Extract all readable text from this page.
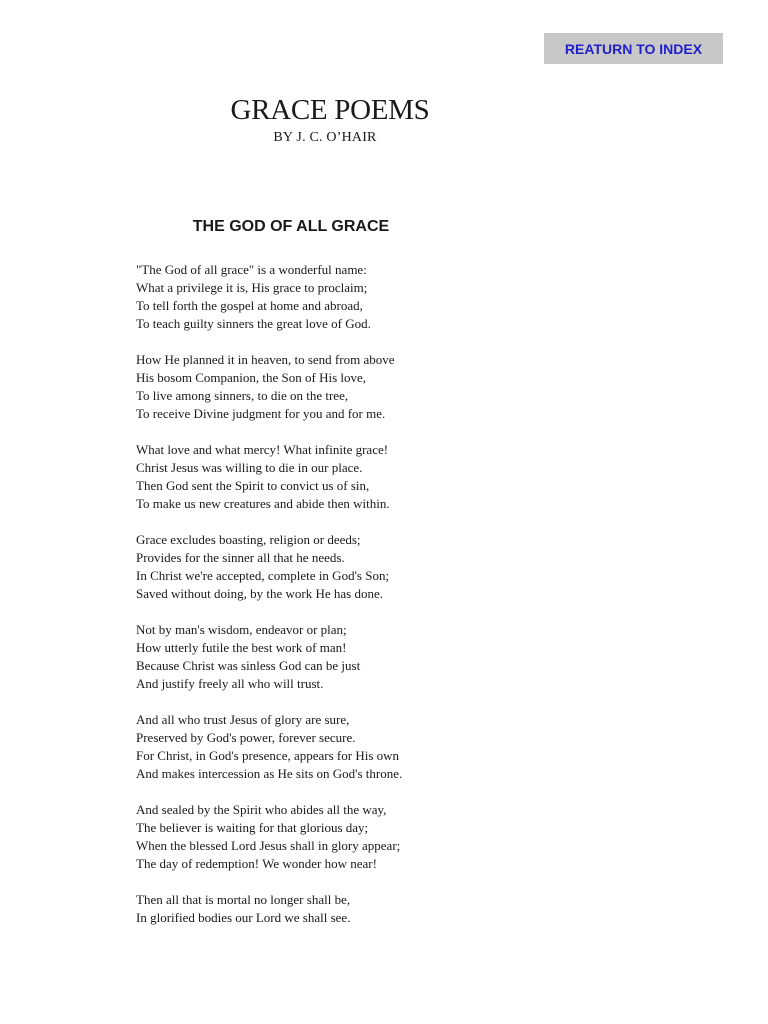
REATURN TO INDEX
GRACE POEMS

BY J. C. O’HAIR

THE GOD OF ALL GRACE

"The God of all grace" is a wonderful name:
What a privilege it is, His grace to proclaim;
To tell forth the gospel at home and abroad,
To teach guilty sinners the great love of God.

How He planned it in heaven, to send from above
His bosom Companion, the Son of His love,
To live among sinners, to die on the tree,
To receive Divine judgment for you and for me.

What love and what mercy! What infinite grace!
Christ Jesus was willing to die in our place.
Then God sent the Spirit to convict us of sin,
To make us new creatures and abide then within.

Grace excludes boasting, religion or deeds;
Provides for the sinner all that he needs.
In Christ we're accepted, complete in God's Son;
Saved without doing, by the work He has done.

Not by man's wisdom, endeavor or plan;
How utterly futile the best work of man!
Because Christ was sinless God can be just
And justify freely all who will trust.

And all who trust Jesus of glory are sure,
Preserved by God's power, forever secure.
For Christ, in God's presence, appears for His own
And makes intercession as He sits on God's throne.

And sealed by the Spirit who abides all the way,
The believer is waiting for that glorious day;
When the blessed Lord Jesus shall in glory appear;
The day of redemption! We wonder how near!

Then all that is mortal no longer shall be,
In glorified bodies our Lord we shall see.
